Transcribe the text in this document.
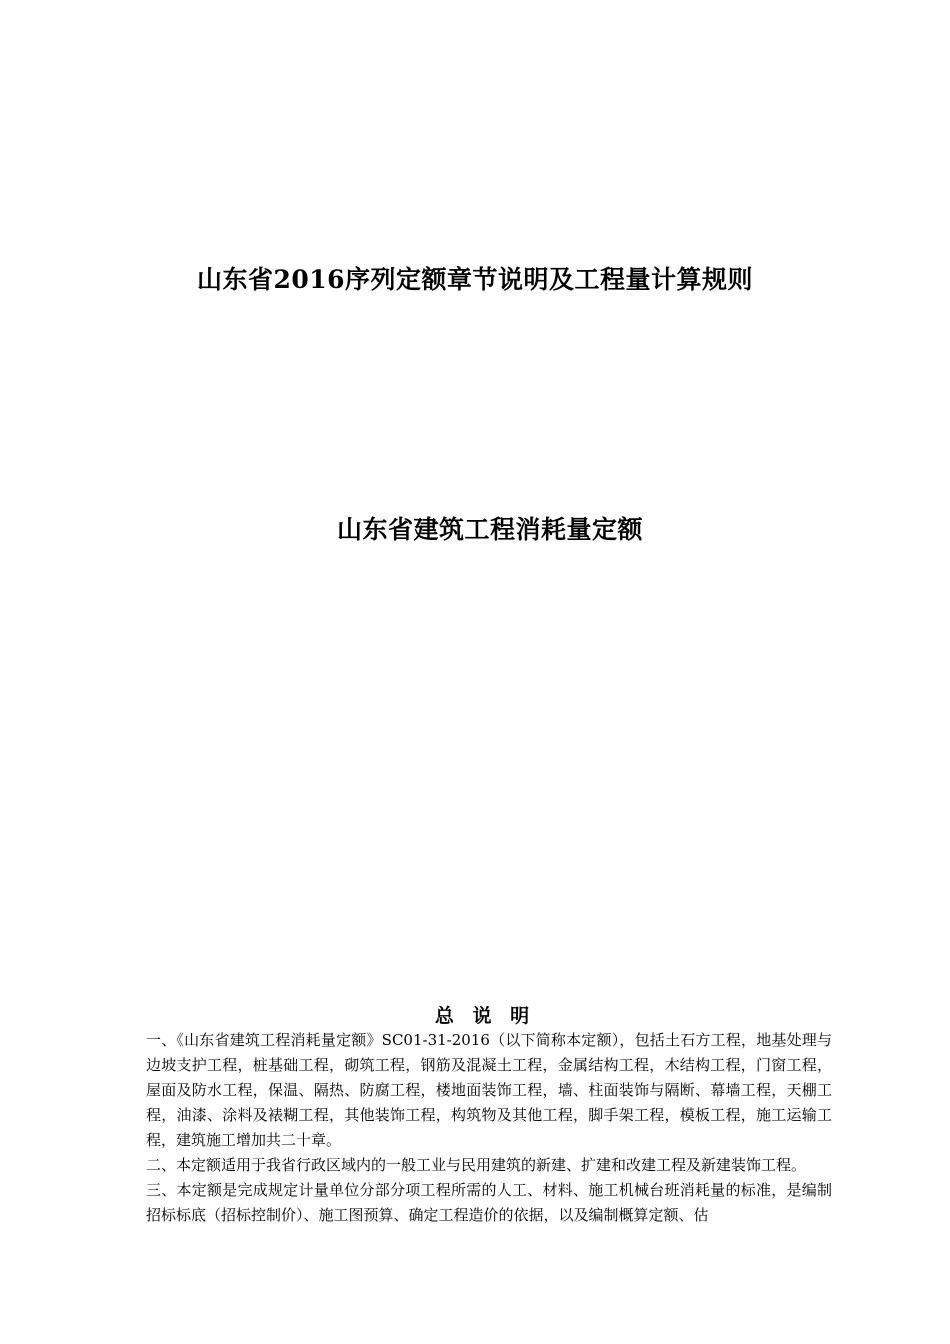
山东省2016序列定额章节说明及工程量计算规则
山东省建筑工程消耗量定额
总 说 明

一、《山东省建筑工程消耗量定额》SC01-31-2016（以下简称本定额），包括土石方工程，地基处理与边坡支护工程，桩基础工程，砌筑工程，钢筋及混凝土工程，金属结构工程，木结构工程，门窗工程，屋面及防水工程，保温、隔热、防腐工程，楼地面装饰工程，墙、柱面装饰与隔断、幕墙工程，天棚工程，油漆、涂料及裱糊工程，其他装饰工程，构筑物及其他工程，脚手架工程，模板工程，施工运输工程，建筑施工增加共二十章。

二、本定额适用于我省行政区域内的一般工业与民用建筑的新建、扩建和改建工程及新建装饰工程。

三、本定额是完成规定计量单位分部分项工程所需的人工、材料、施工机械台班消耗量的标准，是编制招标标底（招标控制价）、施工图预算、确定工程造价的依据，以及编制概算定额、估
